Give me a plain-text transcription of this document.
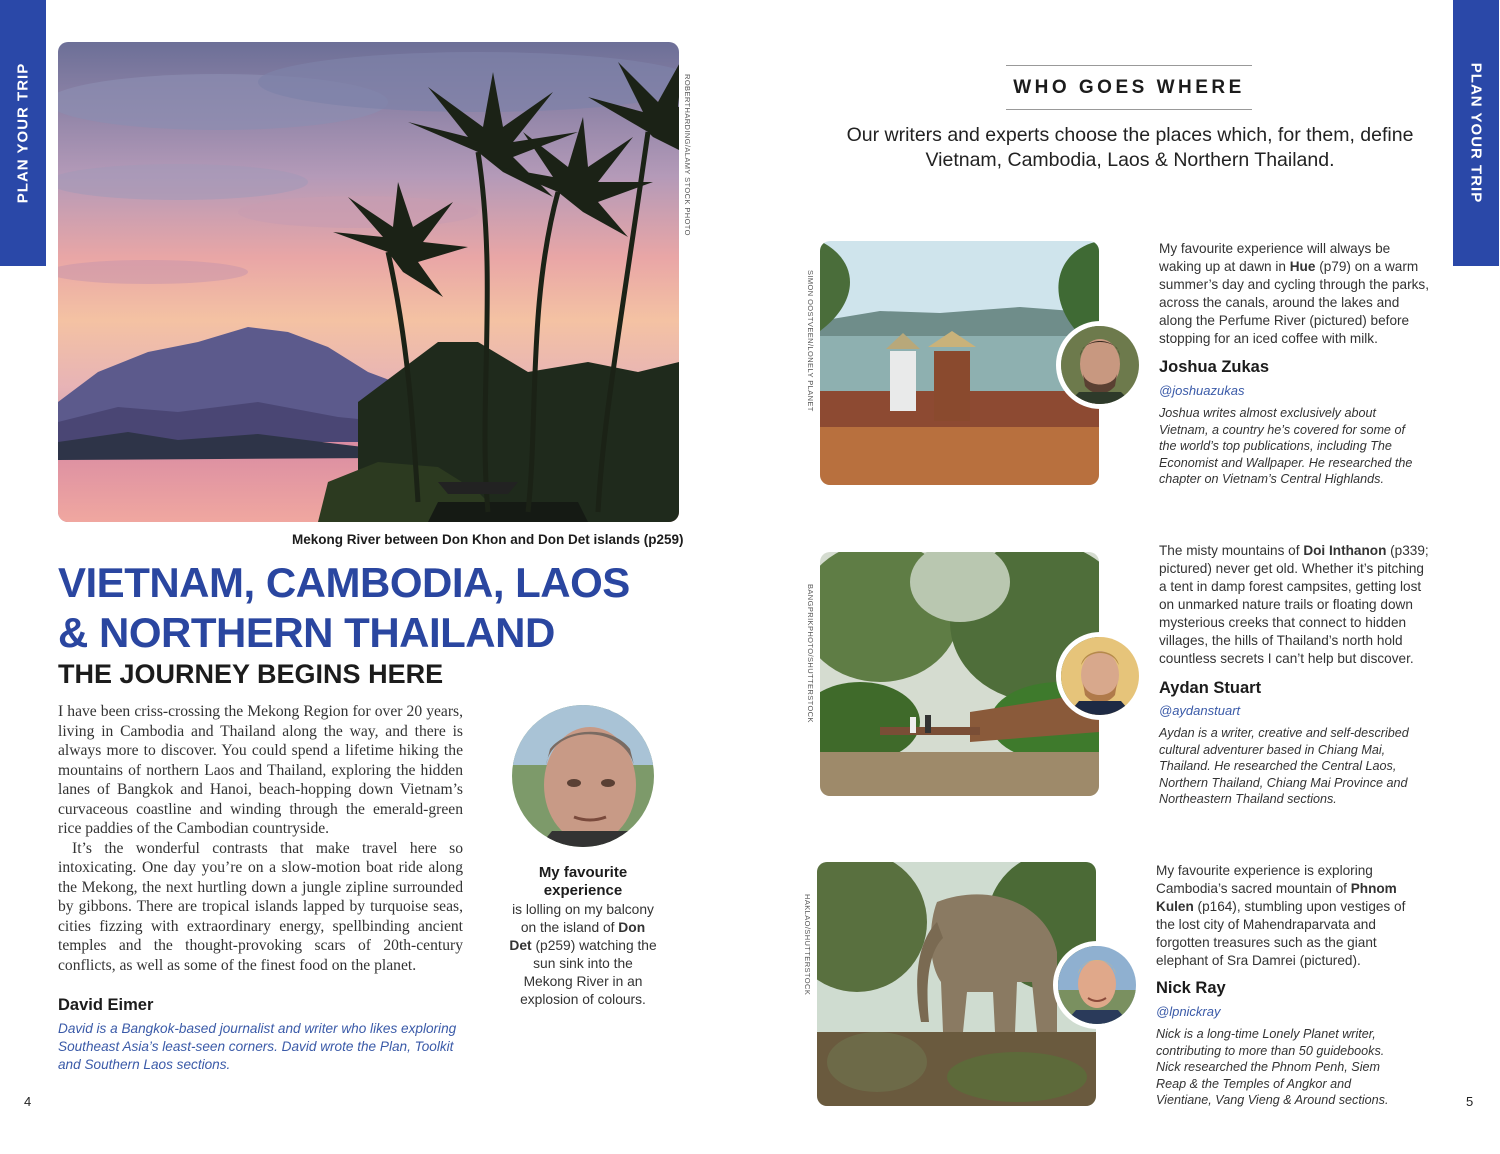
PLAN YOUR TRIP	PLAN YOUR TRIP
ROBERTHARDING/ALAMY STOCK PHOTO
Mekong River between Don Khon and Don Det islands (p259)
VIETNAM, CAMBODIA, LAOS
& NORTHERN THAILAND
THE JOURNEY BEGINS HERE

I have been criss-crossing the Mekong Region for over 20 years, living in Cambodia and Thailand along the way, and there is always more to discover. You could spend a lifetime hiking the mountains of northern Laos and Thailand, exploring the hidden lanes of Bangkok and Hanoi, beach-hopping down Vietnam’s curvaceous coastline and winding through the emerald-green rice paddies of the Cambodian countryside.

It’s the wonderful contrasts that make travel here so intoxicating. One day you’re on a slow-motion boat ride along the Mekong, the next hurtling down a jungle zipline surrounded by gibbons. There are tropical islands lapped by turquoise seas, cities fizzing with extraordinary energy, spellbinding ancient temples and the thought-provoking scars of 20th-century conflicts, as well as some of the finest food on the planet.

David Eimer
David is a Bangkok-based journalist and writer who likes exploring Southeast Asia’s least-seen corners. David wrote the Plan, Toolkit and Southern Laos sections.
My favourite experience
is lolling on my balcony on the island of Don Det (p259) watching the sun sink into the Mekong River in an explosion of colours.
4
WHO GOES WHERE
Our writers and experts choose the places which, for them, define Vietnam, Cambodia, Laos & Northern Thailand.
SIMON OOSTVEEN/LONELY PLANET
My favourite experience will always be waking up at dawn in Hue (p79) on a warm summer’s day and cycling through the parks, across the canals, around the lakes and along the Perfume River (pictured) before stopping for an iced coffee with milk.
Joshua Zukas
@joshuazukas
Joshua writes almost exclusively about Vietnam, a country he’s covered for some of the world’s top publications, including The Economist and Wallpaper. He researched the chapter on Vietnam’s Central Highlands.
BANGPRIKPHOTO/SHUTTERSTOCK
The misty mountains of Doi Inthanon (p339; pictured) never get old. Whether it’s pitching a tent in damp forest campsites, getting lost on unmarked nature trails or floating down mysterious creeks that connect to hidden villages, the hills of Thailand’s north hold countless secrets I can’t help but discover.
Aydan Stuart
@aydanstuart
Aydan is a writer, creative and self-described cultural adventurer based in Chiang Mai, Thailand. He researched the Central Laos, Northern Thailand, Chiang Mai Province and Northeastern Thailand sections.
HAKLAO/SHUTTERSTOCK
My favourite experience is exploring Cambodia’s sacred mountain of Phnom Kulen (p164), stumbling upon vestiges of the lost city of Mahendraparvata and forgotten treasures such as the giant elephant of Sra Damrei (pictured).
Nick Ray
@lpnickray
Nick is a long-time Lonely Planet writer, contributing to more than 50 guidebooks. Nick researched the Phnom Penh, Siem Reap & the Temples of Angkor and Vientiane, Vang Vieng & Around sections.	5
